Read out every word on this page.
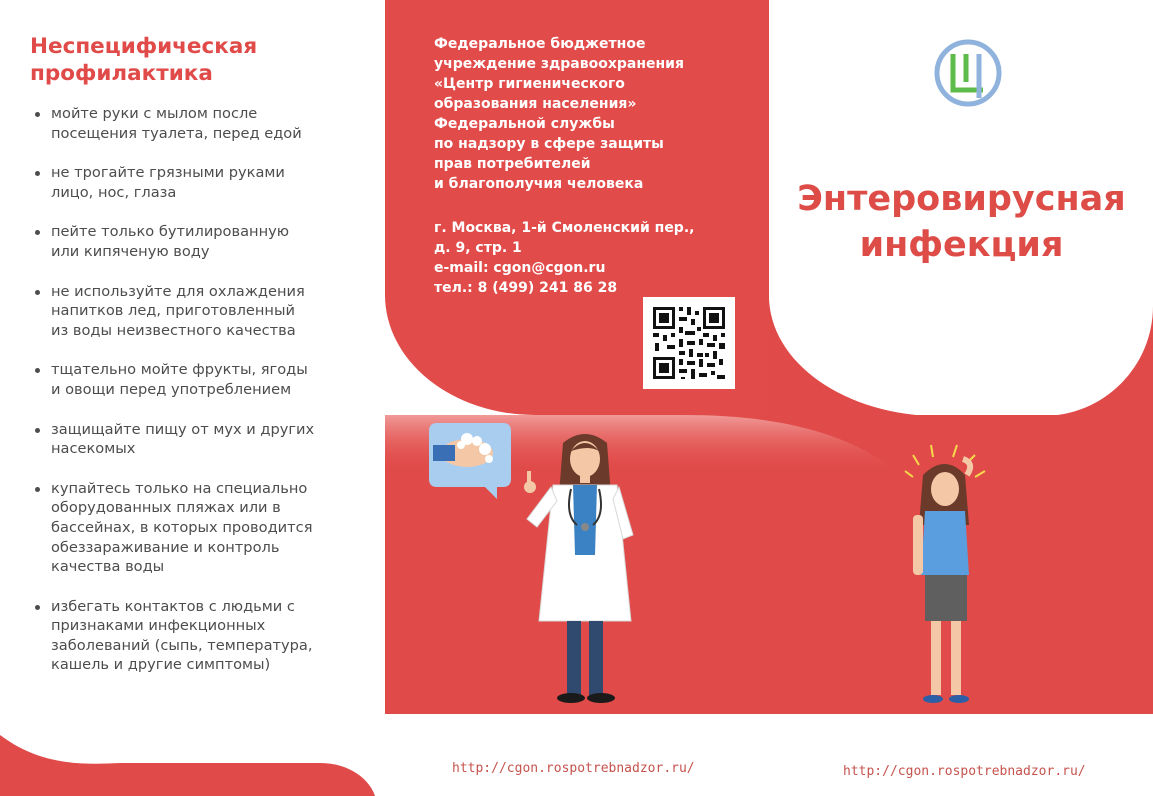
Неспецифическая
профилактика
мойте руки с мылом после
посещения туалета, перед едой
не трогайте грязными руками
лицо, нос, глаза
пейте только бутилированную
или кипяченую воду
не используйте для охлаждения
напитков лед, приготовленный
из воды неизвестного качества
тщательно мойте фрукты, ягоды
и овощи перед употреблением
защищайте пищу от мух и других
насекомых
купайтесь только на специально
оборудованных пляжах или в
бассейнах, в которых проводится
обеззараживание и контроль
качества воды
избегать контактов с людьми с
признаками инфекционных
заболеваний (сыпь, температура,
кашель и другие симптомы)
Федеральное бюджетное
учреждение здравоохранения
«Центр гигиенического
образования населения»
Федеральной службы
по надзору в сфере защиты
прав потребителей
и благополучия человека
г. Москва, 1-й Смоленский пер.,
д. 9, стр. 1
e-mail: cgon@cgon.ru
тел.: 8 (499) 241 86 28
Энтеровирусная
инфекция
http://cgon.rospotrebnadzor.ru/	http://cgon.rospotrebnadzor.ru/
